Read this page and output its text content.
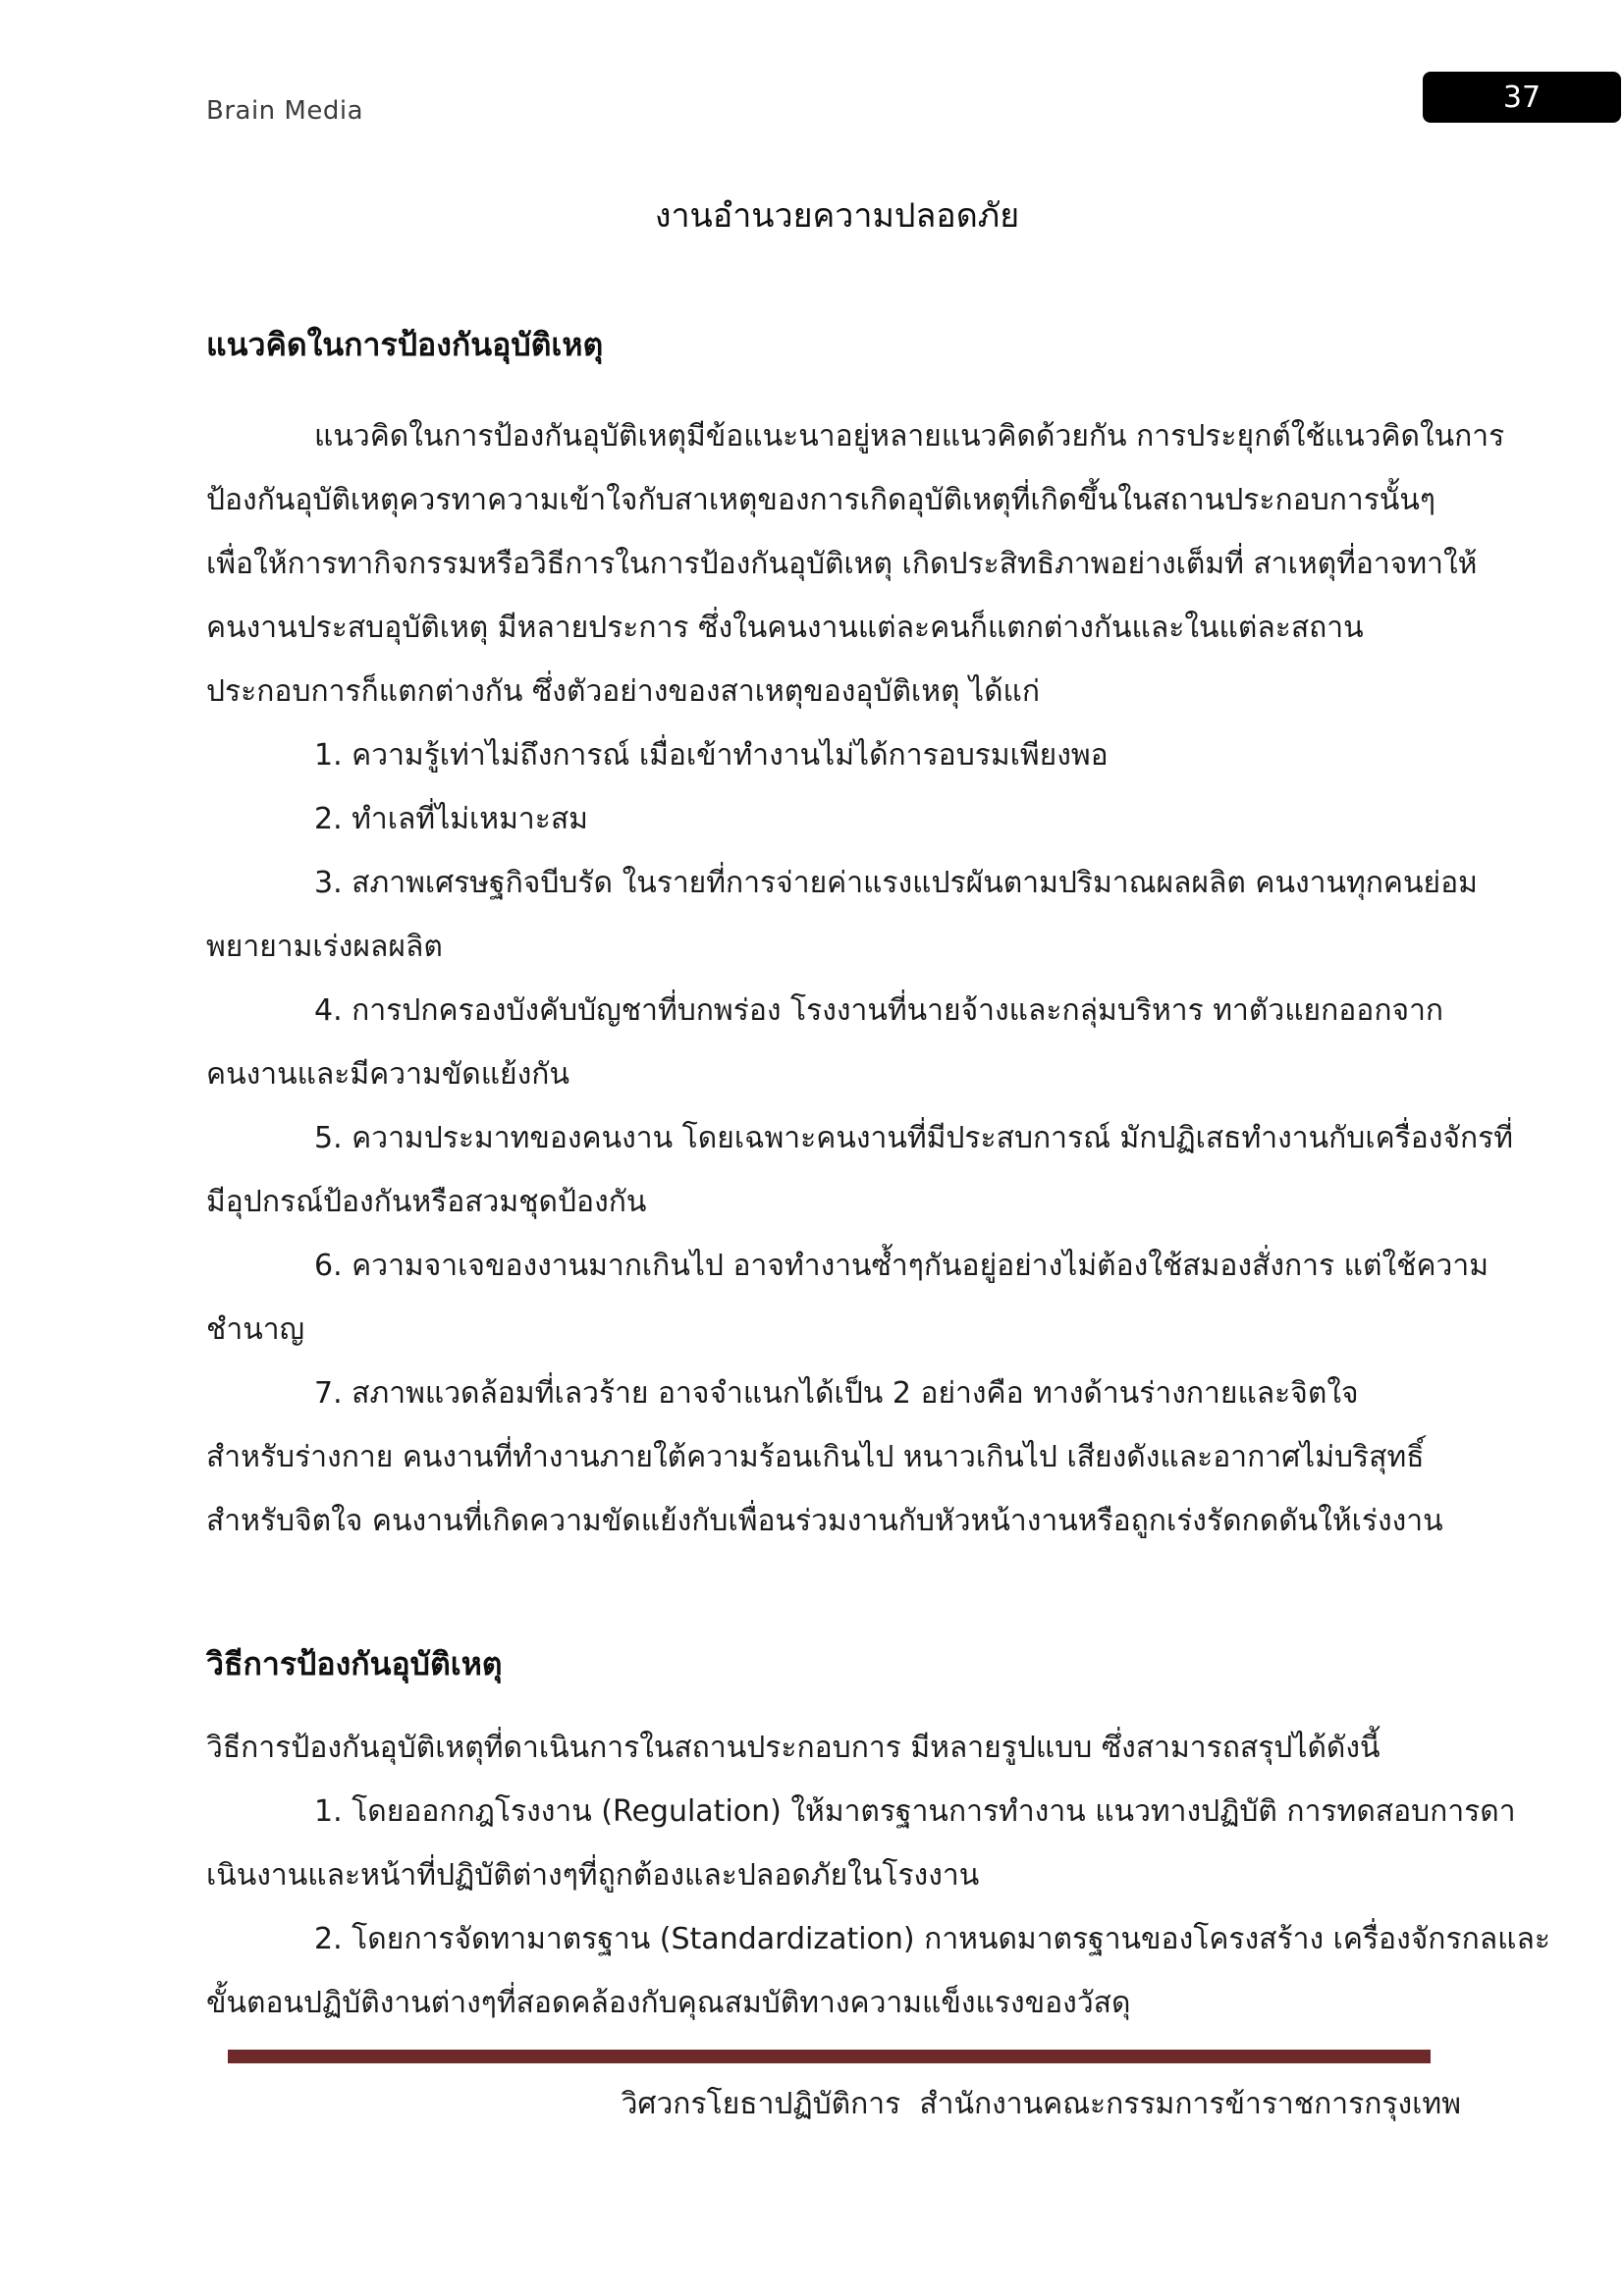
Brain Media	37
งานอำนวยความปลอดภัย
แนวคิดในการป้องกันอุบัติเหตุ
แนวคิดในการป้องกันอุบัติเหตุมีข้อแนะนาอยู่หลายแนวคิดด้วยกัน การประยุกต์ใช้แนวคิดในการ
ป้องกันอุบัติเหตุควรทาความเข้าใจกับสาเหตุของการเกิดอุบัติเหตุที่เกิดขึ้นในสถานประกอบการนั้นๆ
เพื่อให้การทากิจกรรมหรือวิธีการในการป้องกันอุบัติเหตุ เกิดประสิทธิภาพอย่างเต็มที่ สาเหตุที่อาจทาให้
คนงานประสบอุบัติเหตุ มีหลายประการ ซึ่งในคนงานแต่ละคนก็แตกต่างกันและในแต่ละสถาน
ประกอบการก็แตกต่างกัน ซึ่งตัวอย่างของสาเหตุของอุบัติเหตุ ได้แก่
1. ความรู้เท่าไม่ถึงการณ์ เมื่อเข้าทำงานไม่ได้การอบรมเพียงพอ
2. ทำเลที่ไม่เหมาะสม
3. สภาพเศรษฐกิจบีบรัด ในรายที่การจ่ายค่าแรงแปรผันตามปริมาณผลผลิต คนงานทุกคนย่อม
พยายามเร่งผลผลิต
4. การปกครองบังคับบัญชาที่บกพร่อง โรงงานที่นายจ้างและกลุ่มบริหาร ทาตัวแยกออกจาก
คนงานและมีความขัดแย้งกัน
5. ความประมาทของคนงาน โดยเฉพาะคนงานที่มีประสบการณ์ มักปฏิเสธทำงานกับเครื่องจักรที่
มีอุปกรณ์ป้องกันหรือสวมชุดป้องกัน
6. ความจาเจของงานมากเกินไป อาจทำงานซ้ำๆกันอยู่อย่างไม่ต้องใช้สมองสั่งการ แต่ใช้ความ
ชำนาญ
7. สภาพแวดล้อมที่เลวร้าย อาจจำแนกได้เป็น 2 อย่างคือ ทางด้านร่างกายและจิตใจ
สำหรับร่างกาย คนงานที่ทำงานภายใต้ความร้อนเกินไป หนาวเกินไป เสียงดังและอากาศไม่บริสุทธิ์
สำหรับจิตใจ คนงานที่เกิดความขัดแย้งกับเพื่อนร่วมงานกับหัวหน้างานหรือถูกเร่งรัดกดดันให้เร่งงาน
วิธีการป้องกันอุบัติเหตุ
วิธีการป้องกันอุบัติเหตุที่ดาเนินการในสถานประกอบการ มีหลายรูปแบบ ซึ่งสามารถสรุปได้ดังนี้
1. โดยออกกฎโรงงาน (Regulation) ให้มาตรฐานการทำงาน แนวทางปฏิบัติ การทดสอบการดา
เนินงานและหน้าที่ปฏิบัติต่างๆที่ถูกต้องและปลอดภัยในโรงงาน
2. โดยการจัดทามาตรฐาน (Standardization) กาหนดมาตรฐานของโครงสร้าง เครื่องจักรกลและ
ขั้นตอนปฏิบัติงานต่างๆที่สอดคล้องกับคุณสมบัติทางความแข็งแรงของวัสดุ
วิศวกรโยธาปฏิบัติการ  สำนักงานคณะกรรมการข้าราชการกรุงเทพ
